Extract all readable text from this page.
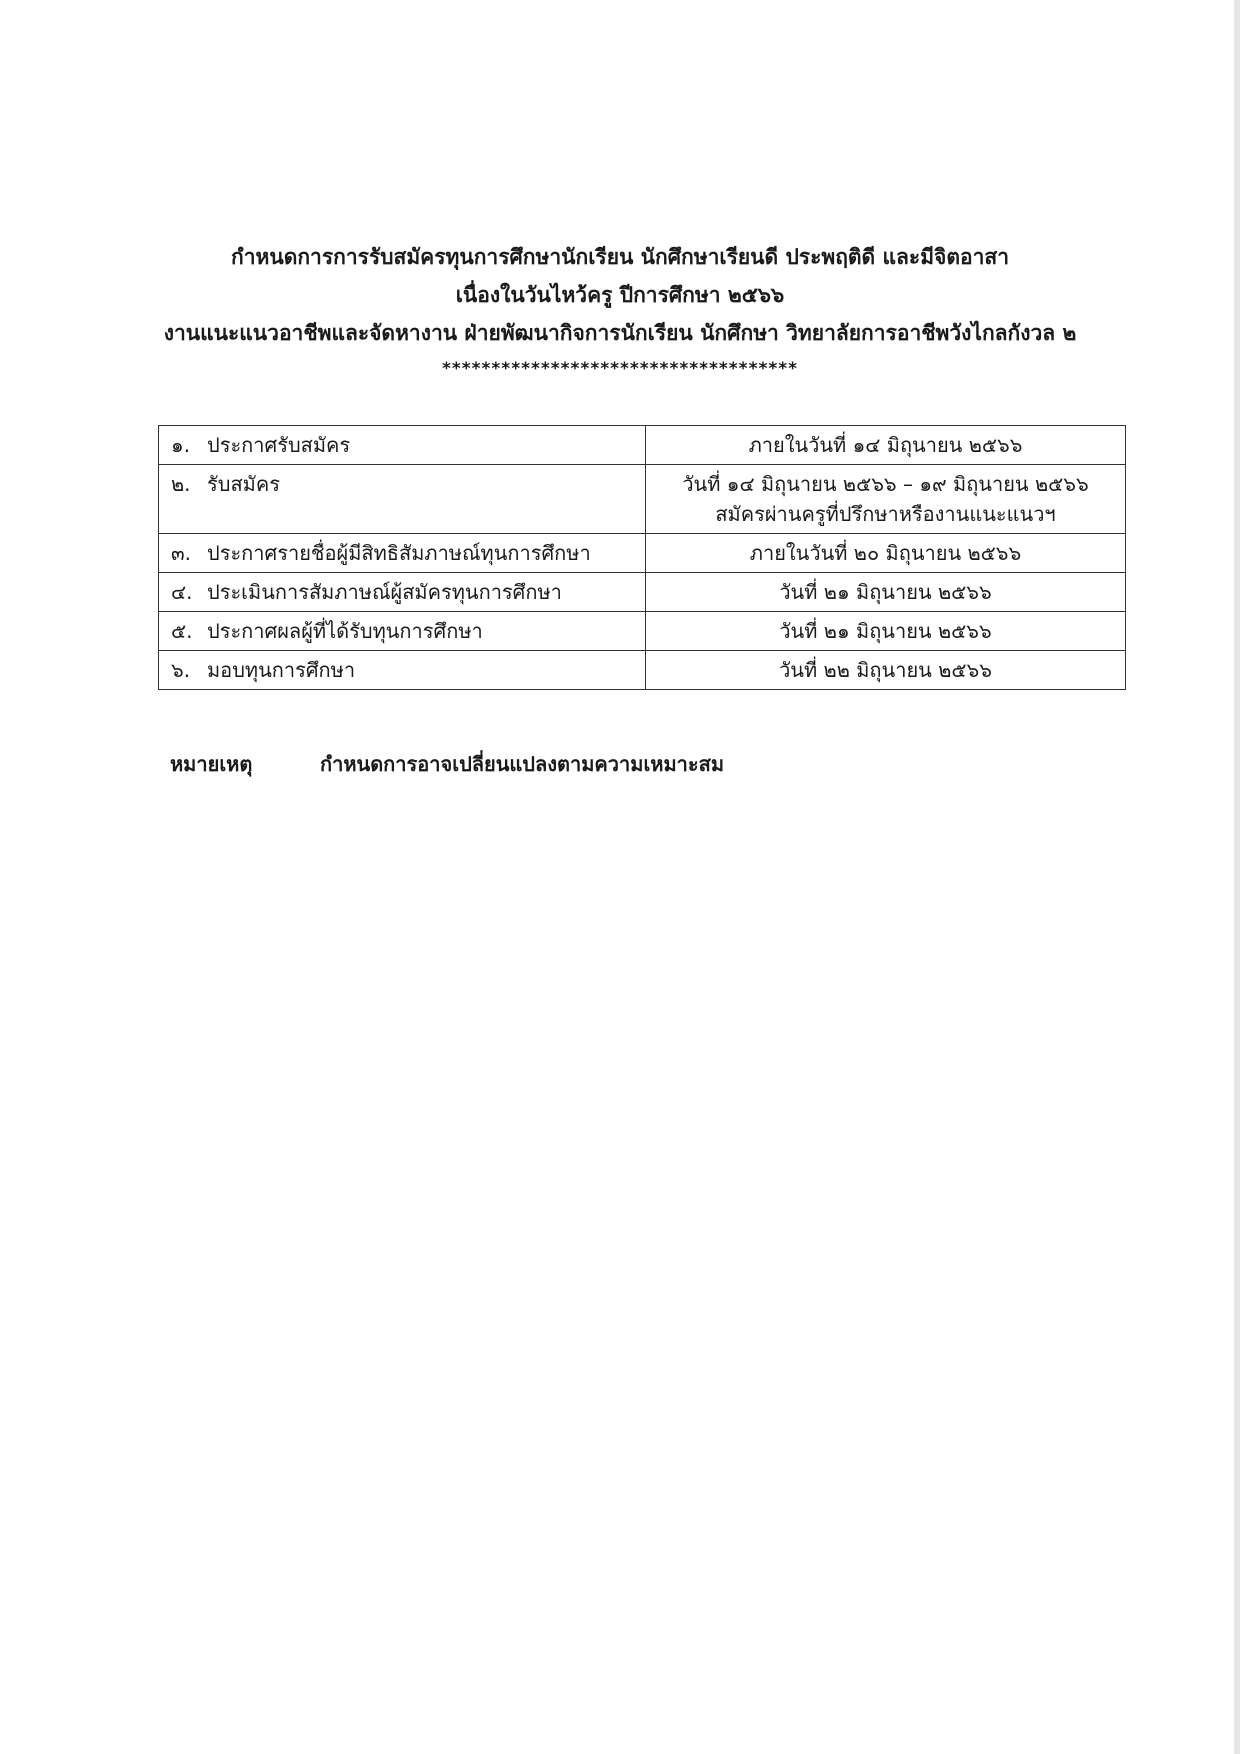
กำหนดการการรับสมัครทุนการศึกษานักเรียน นักศึกษาเรียนดี ประพฤติดี และมีจิตอาสา
เนื่องในวันไหว้ครู ปีการศึกษา ๒๕๖๖
งานแนะแนวอาชีพและจัดหางาน ฝ่ายพัฒนากิจการนักเรียน นักศึกษา วิทยาลัยการอาชีพวังไกลกังวล ๒
************************************
๑. ประกาศรับสมัคร	ภายในวันที่ ๑๔ มิถุนายน ๒๕๖๖

๒. รับสมัคร	วันที่ ๑๔ มิถุนายน ๒๕๖๖ – ๑๙ มิถุนายน ๒๕๖๖
สมัครผ่านครูที่ปรึกษาหรืองานแนะแนวฯ

๓. ประกาศรายชื่อผู้มีสิทธิสัมภาษณ์ทุนการศึกษา	ภายในวันที่ ๒๐ มิถุนายน ๒๕๖๖

๔. ประเมินการสัมภาษณ์ผู้สมัครทุนการศึกษา	วันที่ ๒๑ มิถุนายน ๒๕๖๖

๕. ประกาศผลผู้ที่ได้รับทุนการศึกษา	วันที่ ๒๑ มิถุนายน ๒๕๖๖

๖. มอบทุนการศึกษา	วันที่ ๒๒ มิถุนายน ๒๕๖๖
หมายเหตุ	กำหนดการอาจเปลี่ยนแปลงตามความเหมาะสม
